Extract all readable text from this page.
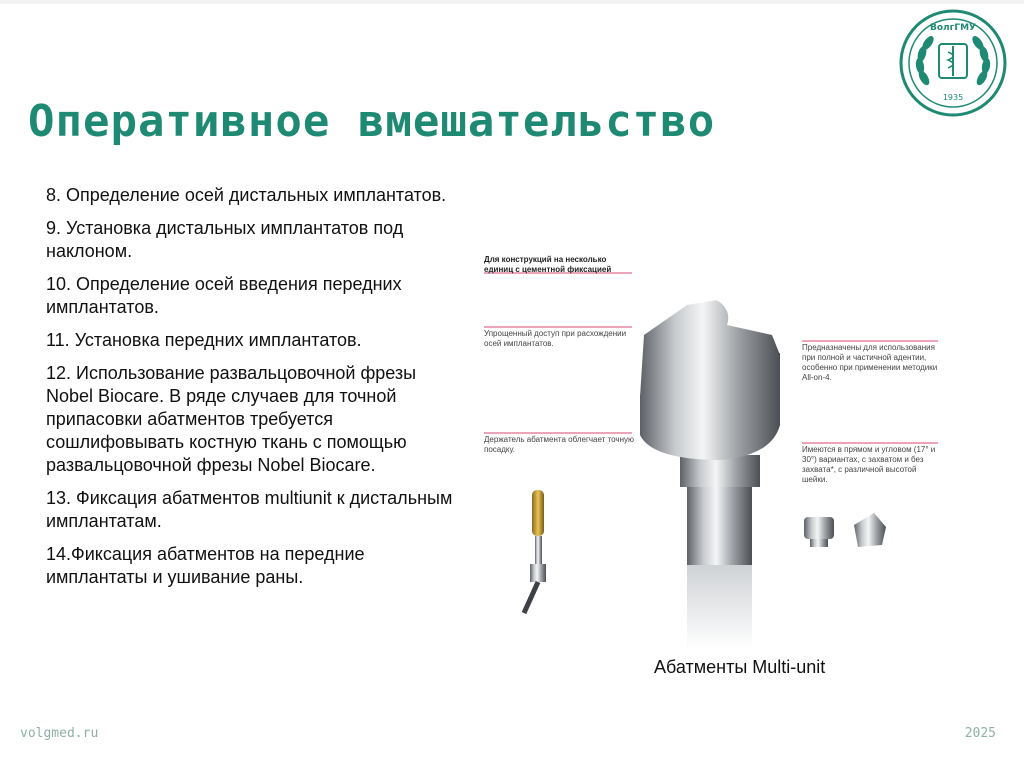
Оперативное вмешательство
ВолгГМУ
1935

8. Определение осей дистальных имплантатов.

9. Установка дистальных имплантатов под наклоном.

10. Определение осей введения передних имплантатов.

11. Установка передних имплантатов.

12. Использование развальцовочной фрезы Nobel Biocare. В ряде случаев для точной припасовки абатментов требуется сошлифовывать костную ткань с помощью развальцовочной фрезы Nobel Biocare.

13. Фиксация абатментов multiunit к дистальным имплантатам.

14.Фиксация абатментов на передние имплантаты и ушивание раны.

Для конструкций на несколько единиц с цементной фиксацией
Упрощенный доступ при расхождении осей имплантатов.
Держатель абатмента облегчает точную посадку.
Предназначены для использования при полной и частичной адентии, особенно при применении методики All-on-4.
Имеются в прямом и угловом (17° и 30°) вариантах, с захватом и без захвата*, с различной высотой шейки.

Абатменты Multi-unit

volgmed.ru	2025
